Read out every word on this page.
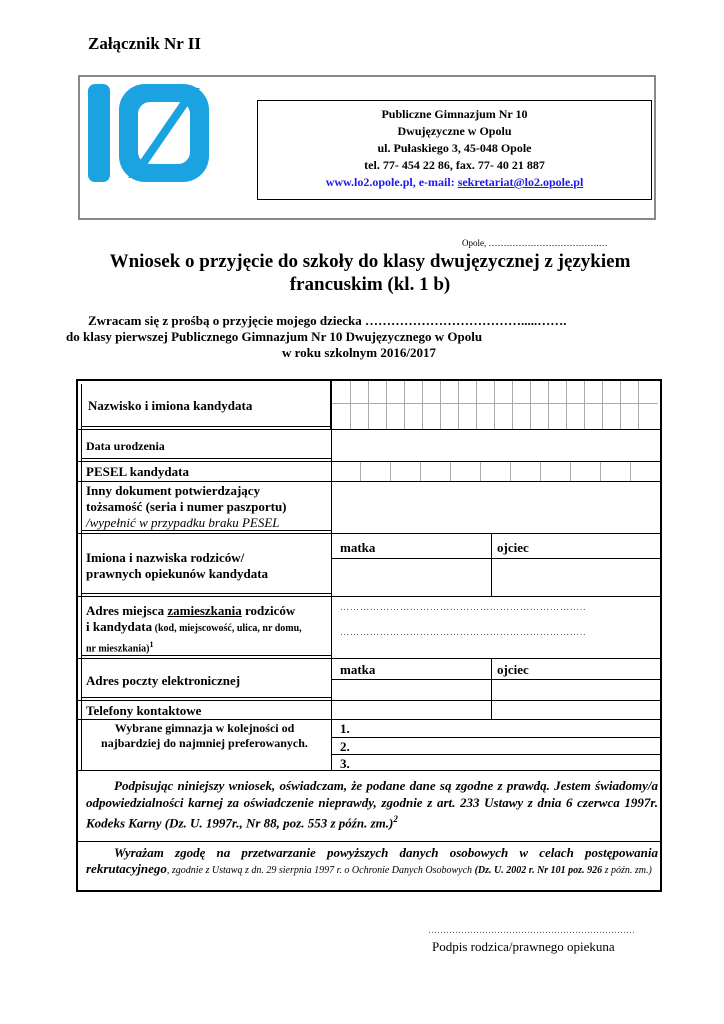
Załącznik Nr II
Publiczne Gimnazjum Nr 10
Dwujęzyczne w Opolu
ul. Pułaskiego 3, 45-048 Opole
tel. 77- 454 22 86, fax. 77- 40 21 887
www.lo2.opole.pl, e-mail: sekretariat@lo2.opole.pl
Opole, ……………………………….…
Wniosek o przyjęcie do szkoły do klasy dwujęzycznej z językiem francuskim (kl. 1 b)
Zwracam się z prośbą o przyjęcie mojego dziecka ……………………………….....…….
do klasy pierwszej Publicznego Gimnazjum Nr 10 Dwujęzycznego w Opolu
w roku szkolnym 2016/2017
Nazwisko i imiona kandydata
Data urodzenia
PESEL kandydata
Inny dokument potwierdzający
tożsamość (seria i numer paszportu)
/wypełnić w przypadku braku PESEL
Imiona i nazwiska rodziców/
prawnych opiekunów kandydata
matka	ojciec
Adres miejsca zamieszkania rodziców
i kandydata (kod, miejscowość, ulica, nr domu,
nr mieszkania)$^1$
………………………………………………………………..
………………………………………………………………..
matka	ojciec
Adres poczty elektronicznej
Telefony kontaktowe
Wybrane gimnazja w kolejności od
najbardziej do najmniej preferowanych.
1.
2.
3.
Podpisując niniejszy wniosek, oświadczam, że podane dane są zgodne z prawdą. Jestem świadomy/a odpowiedzialności karnej za oświadczenie nieprawdy, zgodnie z art. 233 Ustawy z dnia 6 czerwca 1997r. Kodeks Karny (Dz. U. 1997r., Nr 88, poz. 553 z późn. zm.)$^2$
Wyrażam zgodę na przetwarzanie powyższych danych osobowych w celach postępowania rekrutacyjnego, zgodnie z Ustawą z dn. 29 sierpnia 1997 r. o Ochronie Danych Osobowych (Dz. U. 2002 r. Nr 101 poz. 926 z późn. zm.)
……………………………………………………………
Podpis rodzica/prawnego opiekuna
